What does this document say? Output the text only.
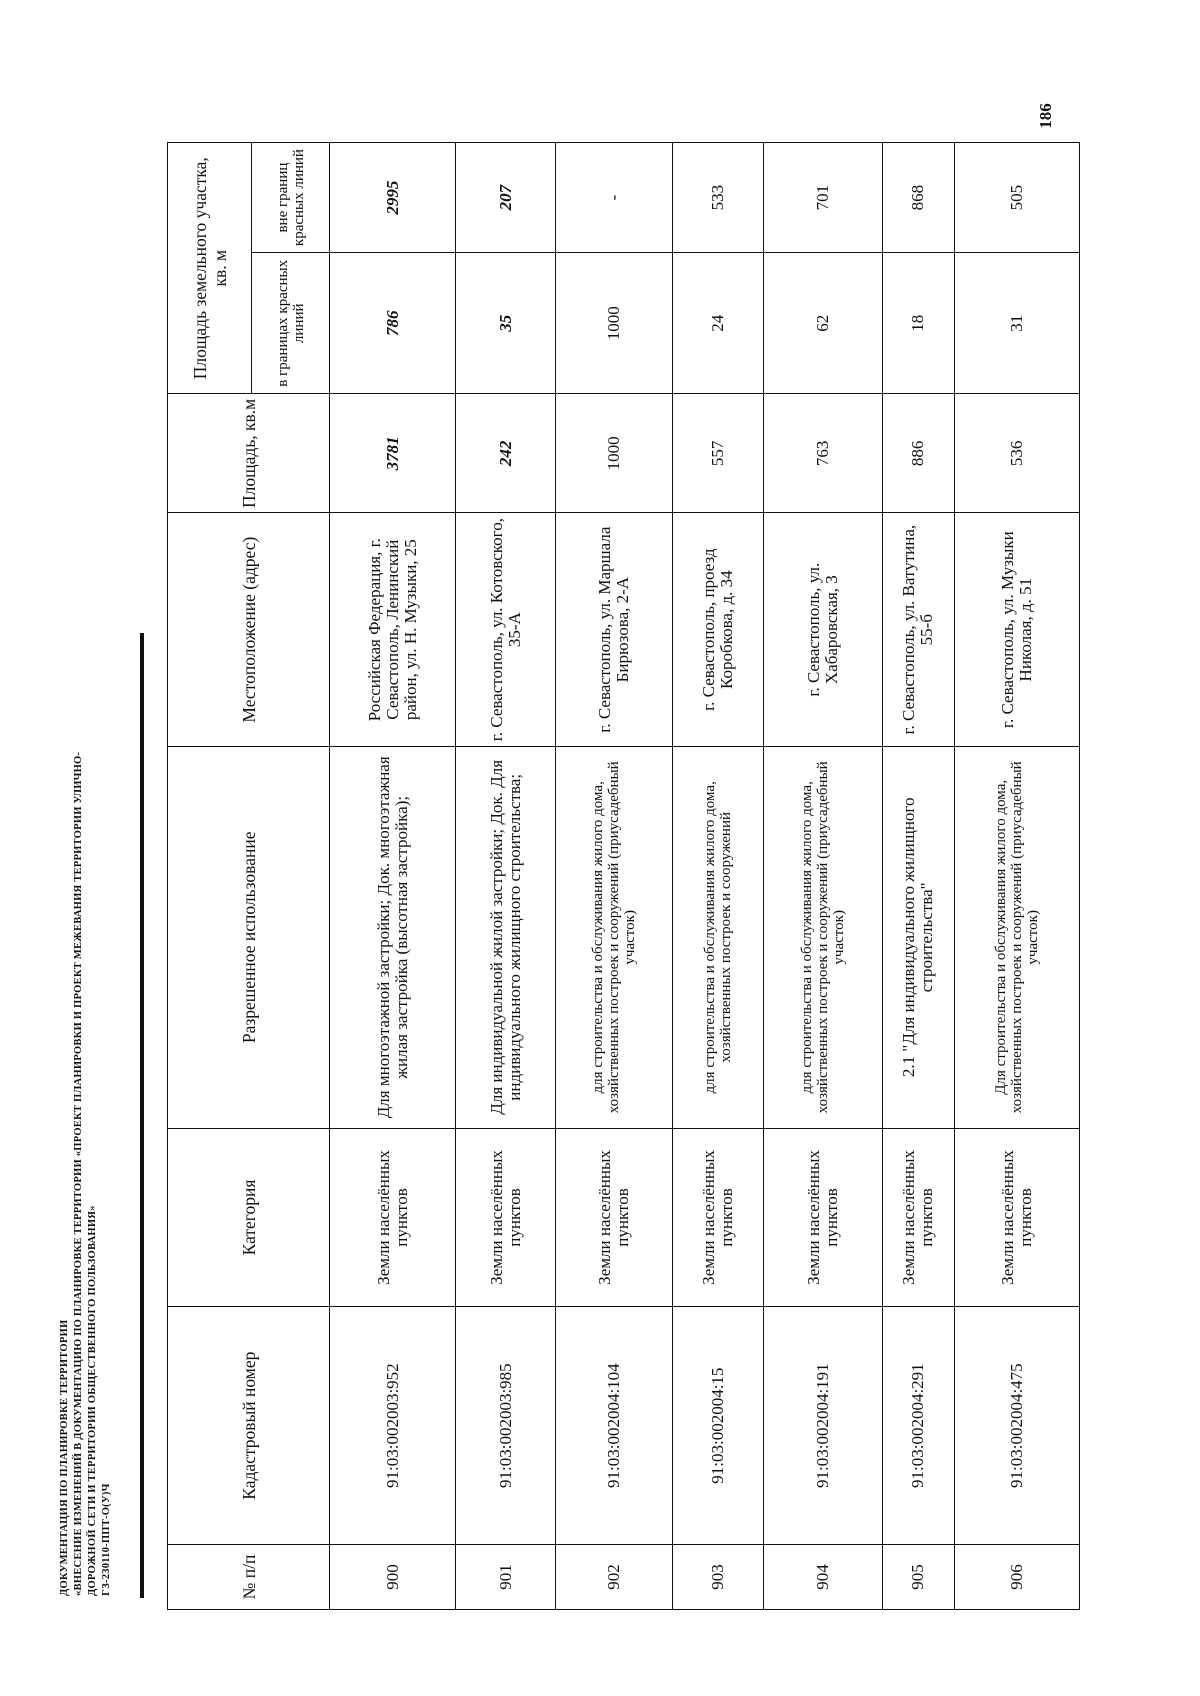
186
ДОКУМЕНТАЦИЯ ПО ПЛАНИРОВКЕ ТЕРРИТОРИИ «ВНЕСЕНИЕ ИЗМЕНЕНИЙ В ДОКУМЕНТАЦИЮ ПО ПЛАНИРОВКЕ ТЕРРИТОРИИ «ПРОЕКТ ПЛАНИРОВКИ И ПРОЕКТ МЕЖЕВАНИЯ ТЕРРИТОРИИ УЛИЧНО- ДОРОЖНОЙ СЕТИ И ТЕРРИТОРИИ ОБЩЕСТВЕННОГО ПОЛЬЗОВАНИЯ» ГЗ-230110-ППТ-О(У)Ч	№ п/п	Кадастровый номер	Категория	Разрешенное использование	Местоположение (адрес)	Площадь, кв.м	Площадь земельного участка, кв. м	
						в границах красных линий	вне границ красных линий
900	91:03:002003:952	Земли населённых пунктов	Для многоэтажной застройки; Док. многоэтажная жилая застройка (высотная застройка);	Российская Федерация, г. Севастополь, Ленинский район, ул. Н. Музыки, 25	3781	786	2995
901	91:03:002003:985	Земли населённых пунктов	Для индивидуальной жилой застройки; Док. Для индивидуального жилищного строительства;	г. Севастополь, ул. Котовского, 35-А	242	35	207
902	91:03:002004:104	Земли населённых пунктов	для строительства и обслуживания жилого дома, хозяйственных построек и сооружений (приусадебный участок)	г. Севастополь, ул. Маршала Бирюзова, 2-А	1000	1000	-
903	91:03:002004:15	Земли населённых пунктов	для строительства и обслуживания жилого дома, хозяйственных построек и сооружений	г. Севастополь, проезд Коробкова, д. 34	557	24	533
904	91:03:002004:191	Земли населённых пунктов	для строительства и обслуживания жилого дома, хозяйственных построек и сооружений (приусадебный участок)	г. Севастополь, ул. Хабаровская, 3	763	62	701
905	91:03:002004:291	Земли населённых пунктов	2.1 "Для индивидуального жилищного строительства"	г. Севастополь, ул. Ватутина, 55-б	886	18	868
906	91:03:002004:475	Земли населённых пунктов	Для строительства и обслуживания жилого дома, хозяйственных построек и сооружений (приусадебный участок)	г. Севастополь, ул. Музыки Николая, д. 51	536	31	505
